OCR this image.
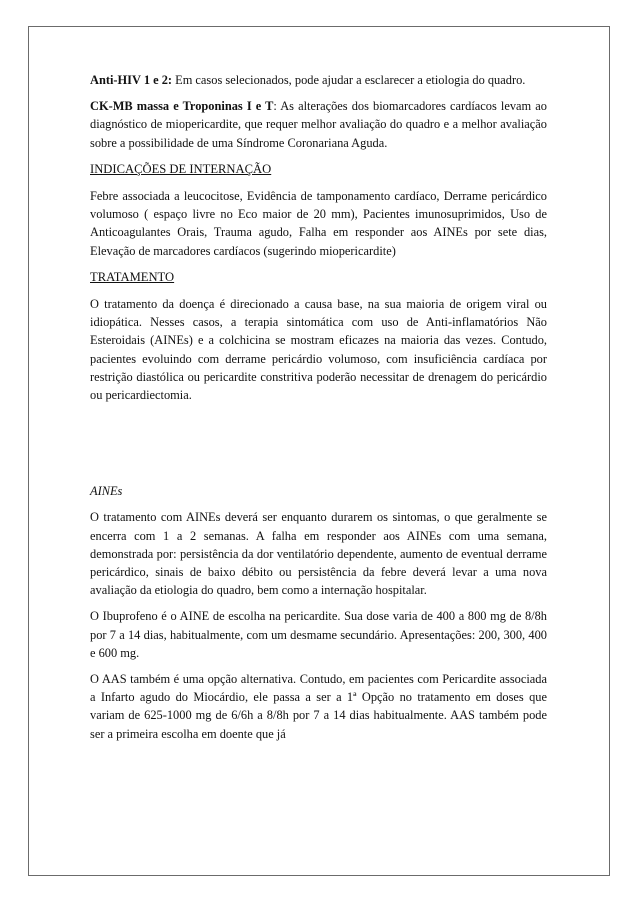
Anti-HIV 1 e 2: Em casos selecionados, pode ajudar a esclarecer a etiologia do quadro.

CK-MB massa e Troponinas I e T: As alterações dos biomarcadores cardíacos levam ao diagnóstico de miopericardite, que requer melhor avaliação do quadro e a melhor avaliação sobre a possibilidade de uma Síndrome Coronariana Aguda.

INDICAÇÕES DE INTERNAÇÃO

Febre associada a leucocitose, Evidência de tamponamento cardíaco, Derrame pericárdico volumoso ( espaço livre no Eco maior de 20 mm), Pacientes imunosuprimidos, Uso de Anticoagulantes Orais, Trauma agudo, Falha em responder aos AINEs por sete dias, Elevação de marcadores cardíacos (sugerindo miopericardite)

TRATAMENTO

O tratamento da doença é direcionado a causa base, na sua maioria de origem viral ou idiopática. Nesses casos, a terapia sintomática com uso de Anti-inflamatórios Não Esteroidais (AINEs) e a colchicina se mostram eficazes na maioria das vezes. Contudo, pacientes evoluindo com derrame pericárdio volumoso, com insuficiência cardíaca por restrição diastólica ou pericardite constritiva poderão necessitar de drenagem do pericárdio ou pericardiectomia.

AINEs

O tratamento com AINEs deverá ser enquanto durarem os sintomas, o que geralmente se encerra com 1 a 2 semanas. A falha em responder aos AINEs com uma semana, demonstrada por: persistência da dor ventilatório dependente, aumento de eventual derrame pericárdico, sinais de baixo débito ou persistência da febre deverá levar a uma nova avaliação da etiologia do quadro, bem como a internação hospitalar.

O Ibuprofeno é o AINE de escolha na pericardite. Sua dose varia de 400 a 800 mg de 8/8h por 7 a 14 dias, habitualmente, com um desmame secundário. Apresentações: 200, 300, 400 e 600 mg.

O AAS também é uma opção alternativa. Contudo, em pacientes com Pericardite associada a Infarto agudo do Miocárdio, ele passa a ser a 1ª Opção no tratamento em doses que variam de 625-1000 mg de 6/6h a 8/8h por 7 a 14 dias habitualmente. AAS também pode ser a primeira escolha em doente que já
